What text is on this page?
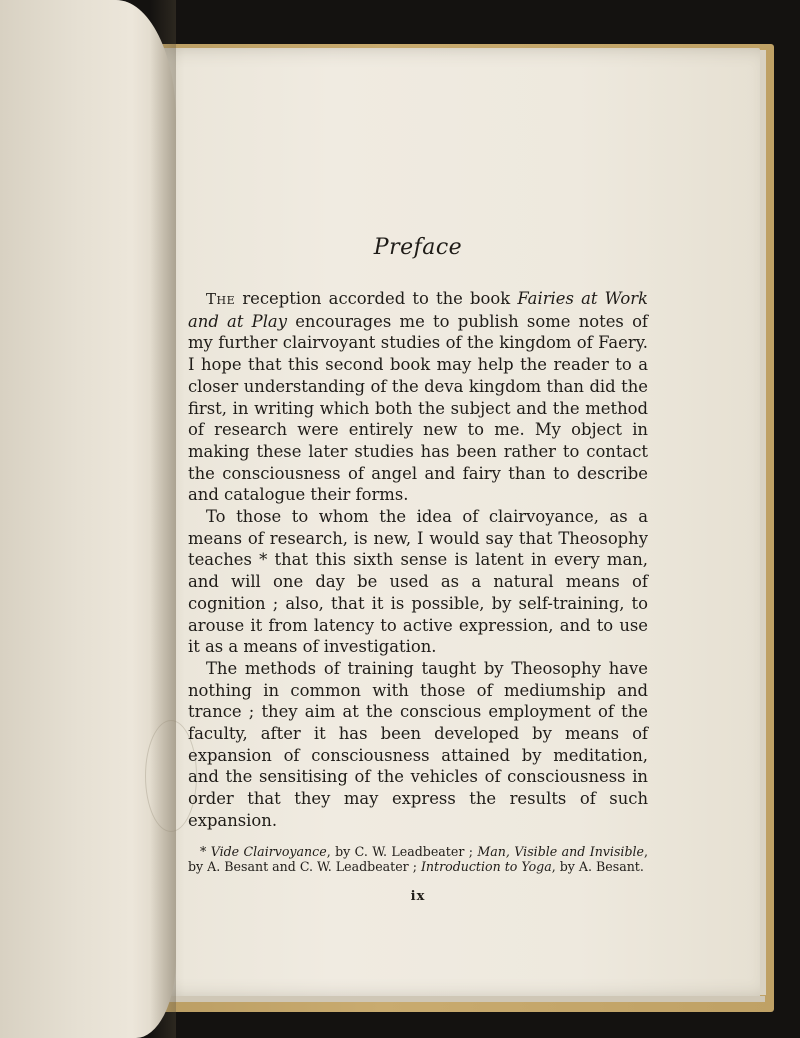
Preface

The reception accorded to the book Fairies at Work and at Play encourages me to publish some notes of my further clairvoyant studies of the kingdom of Faery. I hope that this second book may help the reader to a closer understanding of the deva kingdom than did the first, in writing which both the subject and the method of research were entirely new to me. My object in making these later studies has been rather to contact the consciousness of angel and fairy than to describe and catalogue their forms.

To those to whom the idea of clairvoyance, as a means of research, is new, I would say that Theosophy teaches * that this sixth sense is latent in every man, and will one day be used as a natural means of cognition ; also, that it is possible, by self-training, to arouse it from latency to active expression, and to use it as a means of investigation.

The methods of training taught by Theosophy have nothing in common with those of mediumship and trance ; they aim at the conscious employment of the faculty, after it has been developed by means of expansion of consciousness attained by meditation, and the sensitising of the vehicles of consciousness in order that they may express the results of such expansion.

* Vide Clairvoyance, by C. W. Leadbeater ; Man, Visible and Invisible, by A. Besant and C. W. Leadbeater ; Introduction to Yoga, by A. Besant.
ix
